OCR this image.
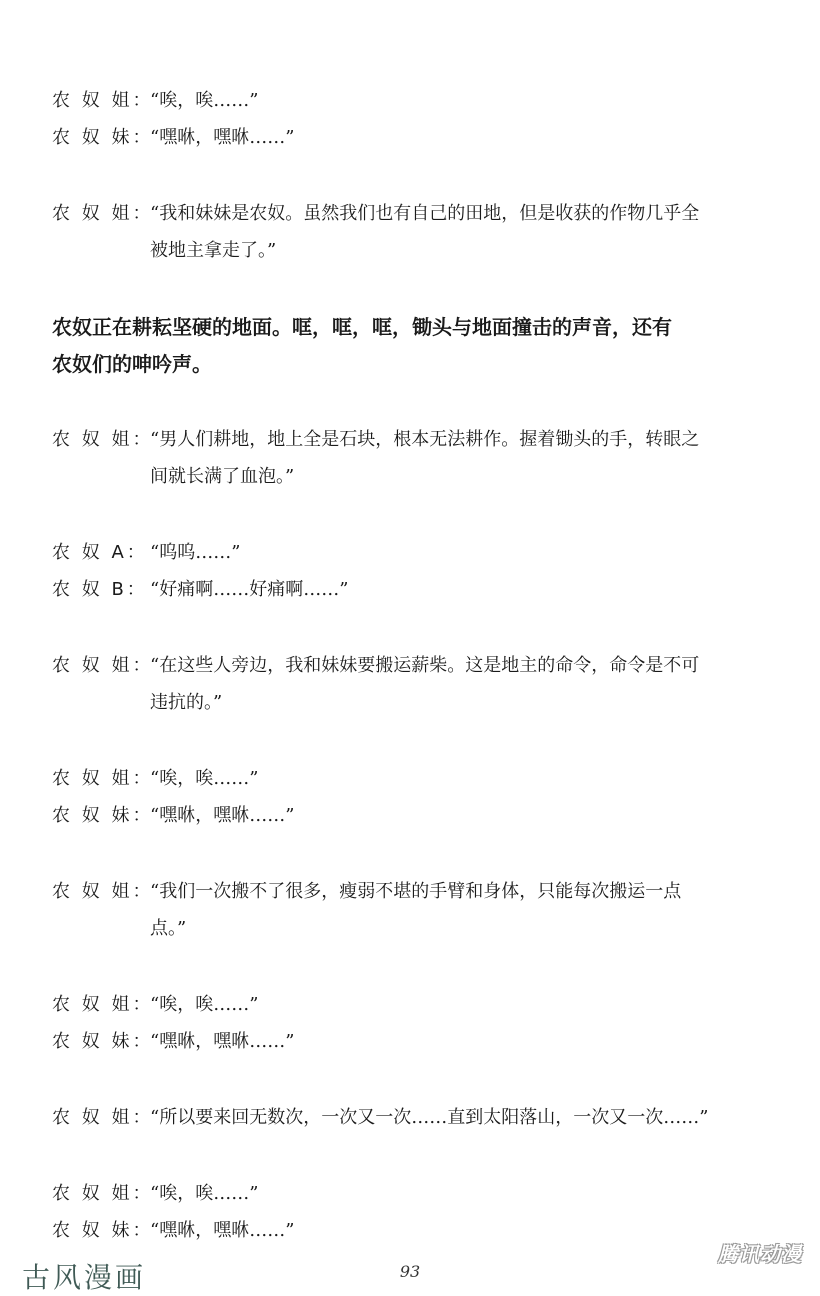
农 奴 姐：“唉，唉……”
农 奴 妹：“嘿咻，嘿咻……”
农 奴 姐：“我和妹妹是农奴。虽然我们也有自己的田地，但是收获的作物几乎全
被地主拿走了。”
农奴正在耕耘坚硬的地面。哐，哐，哐，锄头与地面撞击的声音，还有
农奴们的呻吟声。
农 奴 姐：“男人们耕地，地上全是石块，根本无法耕作。握着锄头的手，转眼之
间就长满了血泡。”
农 奴 A： “呜呜……”
农 奴 B： “好痛啊……好痛啊……”
农 奴 姐：“在这些人旁边，我和妹妹要搬运薪柴。这是地主的命令，命令是不可
违抗的。”
农 奴 姐：“唉，唉……”
农 奴 妹：“嘿咻，嘿咻……”
农 奴 姐：“我们一次搬不了很多，瘦弱不堪的手臂和身体，只能每次搬运一点
点。”
农 奴 姐：“唉，唉……”
农 奴 妹：“嘿咻，嘿咻……”
农 奴 姐：“所以要来回无数次，一次又一次……直到太阳落山，一次又一次……”
农 奴 姐：“唉，唉……”
农 奴 妹：“嘿咻，嘿咻……”
古风漫画	93
腾讯动漫
